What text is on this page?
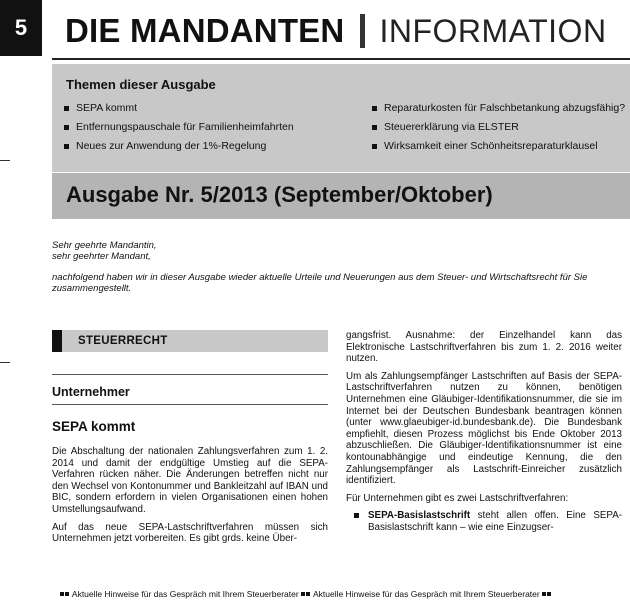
5	DIE MANDANTEN INFORMATION
Themen dieser Ausgabe
SEPA kommt
Entfernungspauschale für Familienheimfahrten
Neues zur Anwendung der 1%-Regelung
Reparaturkosten für Falschbetankung abzugsfähig?
Steuererklärung via ELSTER
Wirksamkeit einer Schönheitsreparaturklausel
Ausgabe Nr. 5/2013 (September/Oktober)

Sehr geehrte Mandantin,

sehr geehrter Mandant,

nachfolgend haben wir in dieser Ausgabe wieder aktuelle Urteile und Neuerungen aus dem Steuer- und Wirtschaftsrecht für Sie zusammengestellt.

STEUERRECHT
Unternehmer
SEPA kommt

Die Abschaltung der nationalen Zahlungsverfahren zum 1. 2. 2014 und damit der endgültige Umstieg auf die SEPA-Verfahren rücken näher. Die Änderungen betreffen nicht nur den Wechsel von Kontonummer und Bankleitzahl auf IBAN und BIC, sondern erfordern in vielen Organisationen einen hohen Umstellungsaufwand.

Auf das neue SEPA-Lastschriftverfahren müssen sich Unternehmen jetzt vorbereiten. Es gibt grds. keine Über-

gangsfrist. Ausnahme: der Einzelhandel kann das Elektronische Lastschriftverfahren bis zum 1. 2. 2016 weiter nutzen.

Um als Zahlungsempfänger Lastschriften auf Basis der SEPA-Lastschriftverfahren nutzen zu können, benötigen Unternehmen eine Gläubiger-Identifikationsnummer, die sie im Internet bei der Deutschen Bundesbank beantragen können (unter www.glaeubiger-id.bundesbank.de). Die Bundesbank empfiehlt, diesen Prozess möglichst bis Ende Oktober 2013 abzuschließen. Die Gläubiger-Identifikationsnummer ist eine kontounabhängige und eindeutige Kennung, die den Zahlungsempfänger als Lastschrift-Einreicher zusätzlich identifiziert.

Für Unternehmen gibt es zwei Lastschriftverfahren:

SEPA-Basislastschrift steht allen offen. Eine SEPA-Basislastschrift kann – wie eine Einzugser-
Aktuelle Hinweise für das Gespräch mit Ihrem Steuerberater Aktuelle Hinweise für das Gespräch mit Ihrem Steuerberater
